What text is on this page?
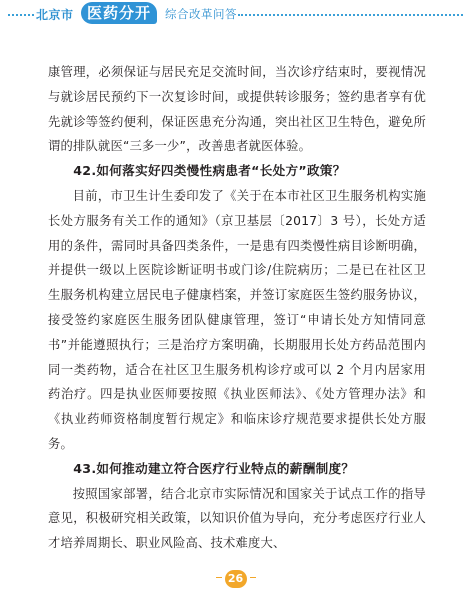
北京市 医药分开	综合改革问答

康管理，必须保证与居民充足交流时间，当次诊疗结束时，要视情况与就诊居民预约下一次复诊时间，或提供转诊服务；签约患者享有优先就诊等签约便利，保证医患充分沟通，突出社区卫生特色，避免所谓的排队就医“三多一少”，改善患者就医体验。

42.如何落实好四类慢性病患者“长处方”政策？

目前，市卫生计生委印发了《关于在本市社区卫生服务机构实施长处方服务有关工作的通知》（京卫基层〔2017〕3 号），长处方适用的条件，需同时具备四类条件，一是患有四类慢性病目诊断明确，并提供一级以上医院诊断证明书或门诊/住院病历；二是已在社区卫生服务机构建立居民电子健康档案，并签订家庭医生签约服务协议，接受签约家庭医生服务团队健康管理，签订“申请长处方知情同意书”并能遵照执行；三是治疗方案明确，长期服用长处方药品范围内同一类药物，适合在社区卫生服务机构诊疗或可以 2 个月内居家用药治疗。四是执业医师要按照《执业医师法》、《处方管理办法》和《执业药师资格制度暂行规定》和临床诊疗规范要求提供长处方服务。

43.如何推动建立符合医疗行业特点的薪酬制度？

按照国家部署，结合北京市实际情况和国家关于试点工作的指导意见，积极研究相关政策，以知识价值为导向，充分考虑医疗行业人才培养周期长、职业风险高、技术难度大、

26
